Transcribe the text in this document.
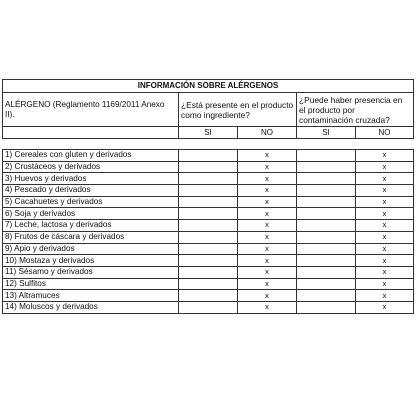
INFORMACIÓN SOBRE ALÉRGENOS				
ALÉRGENO (Reglamento 1169/2011 Anexo II).	¿Está presente en el producto como ingrediente?		¿Puede haber presencia en el producto por contaminación cruzada?	
	SI	NO	SI	NO

1) Cereales con gluten y derivados		x		x
2) Crustáceos y derivados		x		x
3) Huevos y derivados		x		x
4) Pescado y derivados		x		x
5) Cacahuetes y derivados		x		x
6) Soja y derivados		x		x
7) Leche, lactosa y derivados		x		x
8) Frutos de cáscara y derivados		x		x
9) Apio y derivados		x		x
10) Mostaza y derivados		x		x
11) Sésamo y derivados		x		x
12) Sulfitos		x		x
13) Altramuces		x		x
14) Moluscos y derivados		x		x
